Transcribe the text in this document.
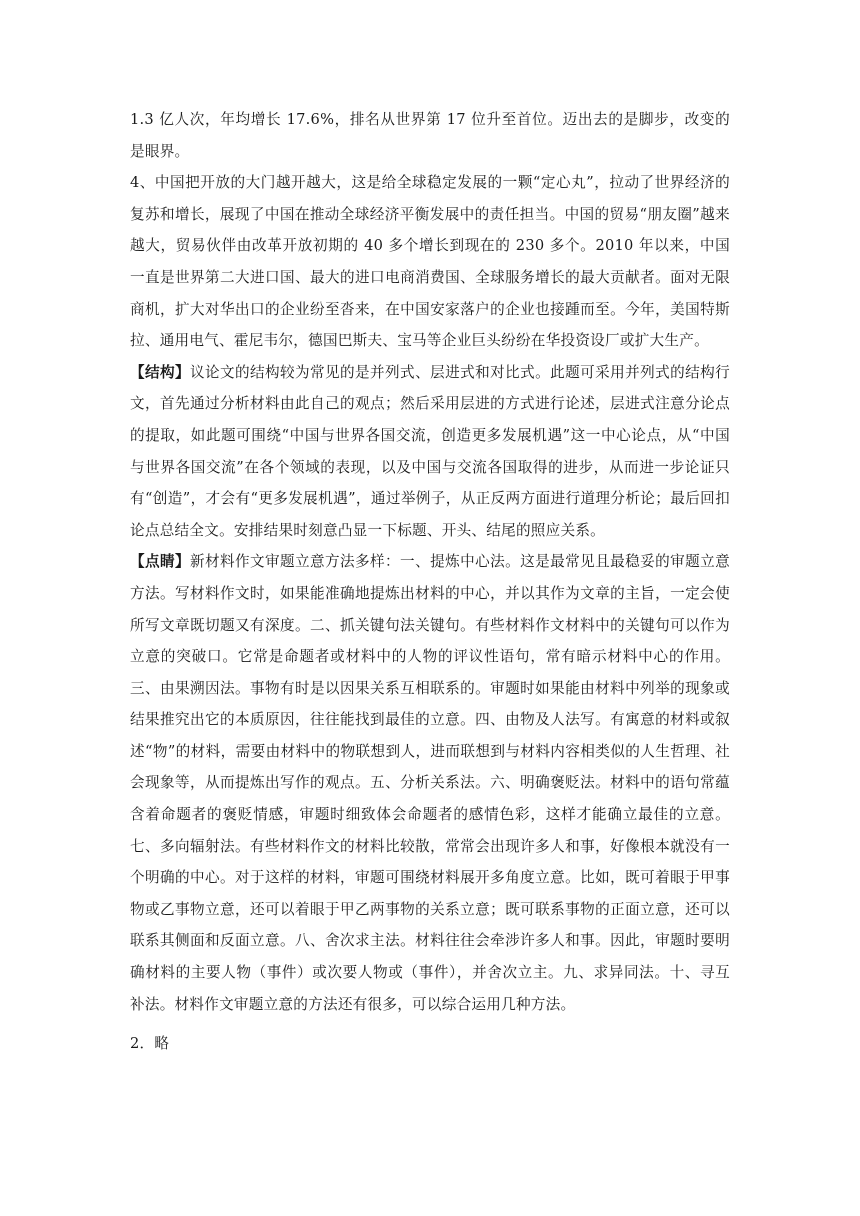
1.3 亿人次，年均增长 17.6%，排名从世界第 17 位升至首位。迈出去的是脚步，改变的是眼界。

4、中国把开放的大门越开越大，这是给全球稳定发展的一颗“定心丸”，拉动了世界经济的复苏和增长，展现了中国在推动全球经济平衡发展中的责任担当。中国的贸易“朋友圈”越来越大，贸易伙伴由改革开放初期的 40 多个增长到现在的 230 多个。2010 年以来，中国一直是世界第二大进口国、最大的进口电商消费国、全球服务增长的最大贡献者。面对无限商机，扩大对华出口的企业纷至沓来，在中国安家落户的企业也接踵而至。今年，美国特斯拉、通用电气、霍尼韦尔，德国巴斯夫、宝马等企业巨头纷纷在华投资设厂或扩大生产。

【结构】议论文的结构较为常见的是并列式、层进式和对比式。此题可采用并列式的结构行文，首先通过分析材料由此自己的观点；然后采用层进的方式进行论述，层进式注意分论点的提取，如此题可围绕“中国与世界各国交流，创造更多发展机遇”这一中心论点，从“中国与世界各国交流”在各个领域的表现，以及中国与交流各国取得的进步，从而进一步论证只有“创造”，才会有“更多发展机遇”，通过举例子，从正反两方面进行道理分析论；最后回扣论点总结全文。安排结果时刻意凸显一下标题、开头、结尾的照应关系。

【点睛】新材料作文审题立意方法多样：一、提炼中心法。这是最常见且最稳妥的审题立意方法。写材料作文时，如果能准确地提炼出材料的中心，并以其作为文章的主旨，一定会使所写文章既切题又有深度。二、抓关键句法关键句。有些材料作文材料中的关键句可以作为立意的突破口。它常是命题者或材料中的人物的评议性语句，常有暗示材料中心的作用。三、由果溯因法。事物有时是以因果关系互相联系的。审题时如果能由材料中列举的现象或结果推究出它的本质原因，往往能找到最佳的立意。四、由物及人法写。有寓意的材料或叙述“物”的材料，需要由材料中的物联想到人，进而联想到与材料内容相类似的人生哲理、社会现象等，从而提炼出写作的观点。五、分析关系法。六、明确褒贬法。材料中的语句常蕴含着命题者的褒贬情感，审题时细致体会命题者的感情色彩，这样才能确立最佳的立意。七、多向辐射法。有些材料作文的材料比较散，常常会出现许多人和事，好像根本就没有一个明确的中心。对于这样的材料，审题可围绕材料展开多角度立意。比如，既可着眼于甲事物或乙事物立意，还可以着眼于甲乙两事物的关系立意；既可联系事物的正面立意，还可以联系其侧面和反面立意。八、舍次求主法。材料往往会牵涉许多人和事。因此，审题时要明确材料的主要人物（事件）或次要人物或（事件），并舍次立主。九、求异同法。十、寻互补法。材料作文审题立意的方法还有很多，可以综合运用几种方法。

2．略
